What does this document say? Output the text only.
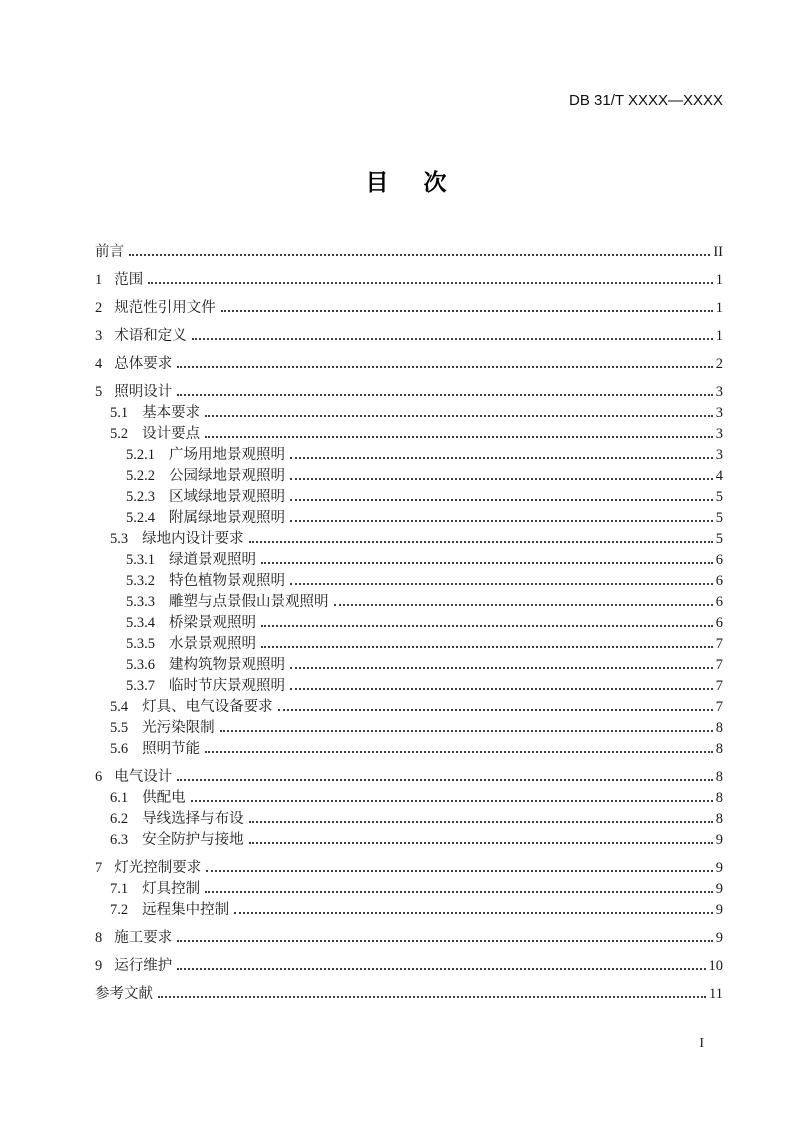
DB 31/T XXXX—XXXX
目　次
前言	II
1 范围	1
2 规范性引用文件	1
3 术语和定义	1
4 总体要求	2
5 照明设计	3
5.1 基本要求	3
5.2 设计要点	3
5.2.1 广场用地景观照明	3
5.2.2 公园绿地景观照明	4
5.2.3 区域绿地景观照明	5
5.2.4 附属绿地景观照明	5
5.3 绿地内设计要求	5
5.3.1 绿道景观照明	6
5.3.2 特色植物景观照明	6
5.3.3 雕塑与点景假山景观照明	6
5.3.4 桥梁景观照明	6
5.3.5 水景景观照明	7
5.3.6 建构筑物景观照明	7
5.3.7 临时节庆景观照明	7
5.4 灯具、电气设备要求	7
5.5 光污染限制	8
5.6 照明节能	8
6 电气设计	8
6.1 供配电	8
6.2 导线选择与布设	8
6.3 安全防护与接地	9
7 灯光控制要求	9
7.1 灯具控制	9
7.2 远程集中控制	9
8 施工要求	9
9 运行维护	10
参考文献	11
I
